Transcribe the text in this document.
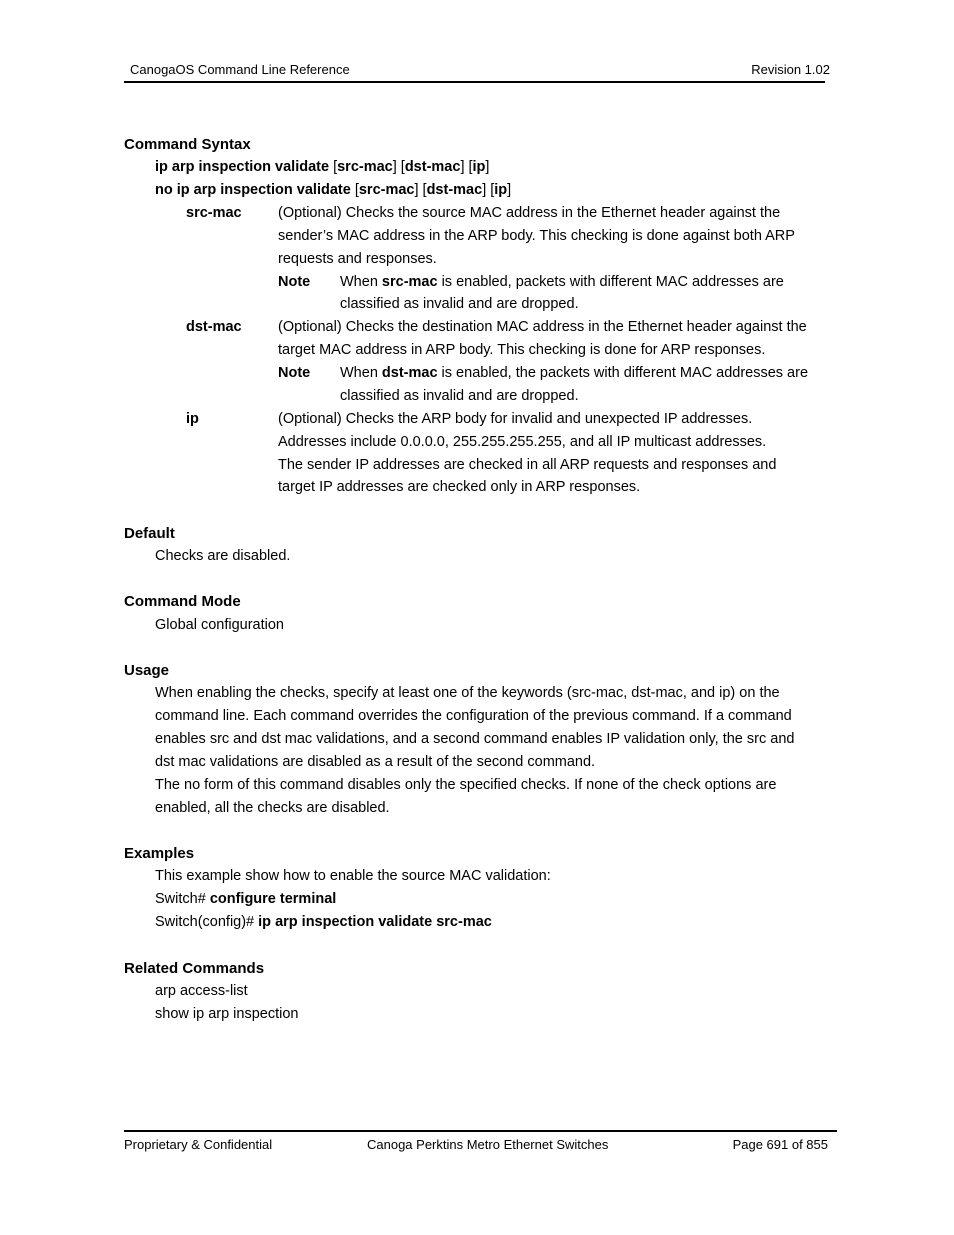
CanogaOS Command Line Reference	Revision 1.02
Command Syntax
ip arp inspection validate [src-mac] [dst-mac] [ip]
no ip arp inspection validate [src-mac] [dst-mac] [ip]
src-mac	(Optional) Checks the source MAC address in the Ethernet header against the
sender’s MAC address in the ARP body. This checking is done against both ARP
requests and responses.
Note When src-mac is enabled, packets with different MAC addresses are
classified as invalid and are dropped.
dst-mac	(Optional) Checks the destination MAC address in the Ethernet header against the
target MAC address in ARP body. This checking is done for ARP responses.
Note When dst-mac is enabled, the packets with different MAC addresses are
classified as invalid and are dropped.
ip	(Optional) Checks the ARP body for invalid and unexpected IP addresses.
Addresses include 0.0.0.0, 255.255.255.255, and all IP multicast addresses.
The sender IP addresses are checked in all ARP requests and responses and
target IP addresses are checked only in ARP responses.
Default
Checks are disabled.
Command Mode
Global configuration
Usage
When enabling the checks, specify at least one of the keywords (src-mac, dst-mac, and ip) on the
command line. Each command overrides the configuration of the previous command. If a command
enables src and dst mac validations, and a second command enables IP validation only, the src and
dst mac validations are disabled as a result of the second command.
The no form of this command disables only the specified checks. If none of the check options are
enabled, all the checks are disabled.
Examples
This example show how to enable the source MAC validation:
Switch# configure terminal
Switch(config)# ip arp inspection validate src-mac
Related Commands
arp access-list
show ip arp inspection
Proprietary & Confidential	Canoga Perktins Metro Ethernet Switches	Page 691 of 855
